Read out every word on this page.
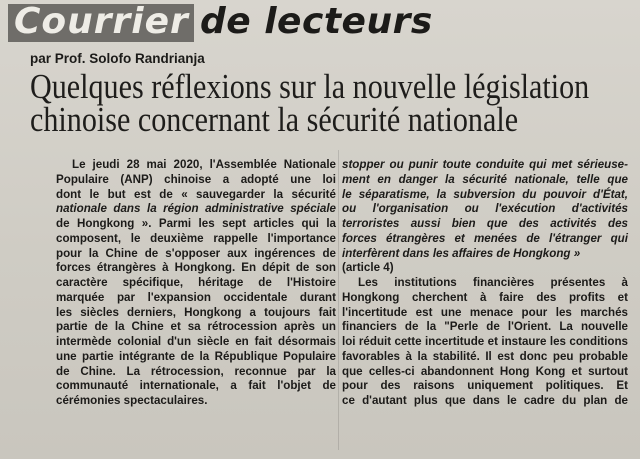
Courrier de lecteurs
par Prof. Solofo Randrianja
Quelques réflexions sur la nouvelle législation
chinoise concernant la sécurité nationale
Le jeudi 28 mai 2020, l'Assemblée Nationale
Populaire (ANP) chinoise a adopté une loi
dont le but est de « sauvegarder la sécurité
nationale dans la région administrative spéciale
de Hongkong ». Parmi les sept articles qui la
composent, le deuxième rappelle l'importance
pour la Chine de s'opposer aux ingérences de
forces étrangères à Hongkong. En dépit de son
caractère spécifique, héritage de l'Histoire
marquée par l'expansion occidentale durant
les siècles derniers, Hongkong a toujours fait
partie de la Chine et sa rétrocession après un
intermède colonial d'un siècle en fait désormais
une partie intégrante de la République Populaire
de Chine. La rétrocession, reconnue par la
communauté internationale, a fait l'objet de
cérémonies spectaculaires.
stopper ou punir toute conduite qui met sérieuse-
ment en danger la sécurité nationale, telle que
le séparatisme, la subversion du pouvoir d'État,
ou l'organisation ou l'exécution d'activités
terroristes aussi bien que des activités des
forces étrangères et menées de l'étranger qui
interfèrent dans les affaires de Hongkong »
(article 4)
Les institutions financières présentes à
Hongkong cherchent à faire des profits et
l'incertitude est une menace pour les marchés
financiers de la "Perle de l'Orient. La nouvelle
loi réduit cette incertitude et instaure les conditions
favorables à la stabilité. Il est donc peu probable
que celles-ci abandonnent Hong Kong et surtout
pour des raisons uniquement politiques. Et
ce d'autant plus que dans le cadre du plan de
